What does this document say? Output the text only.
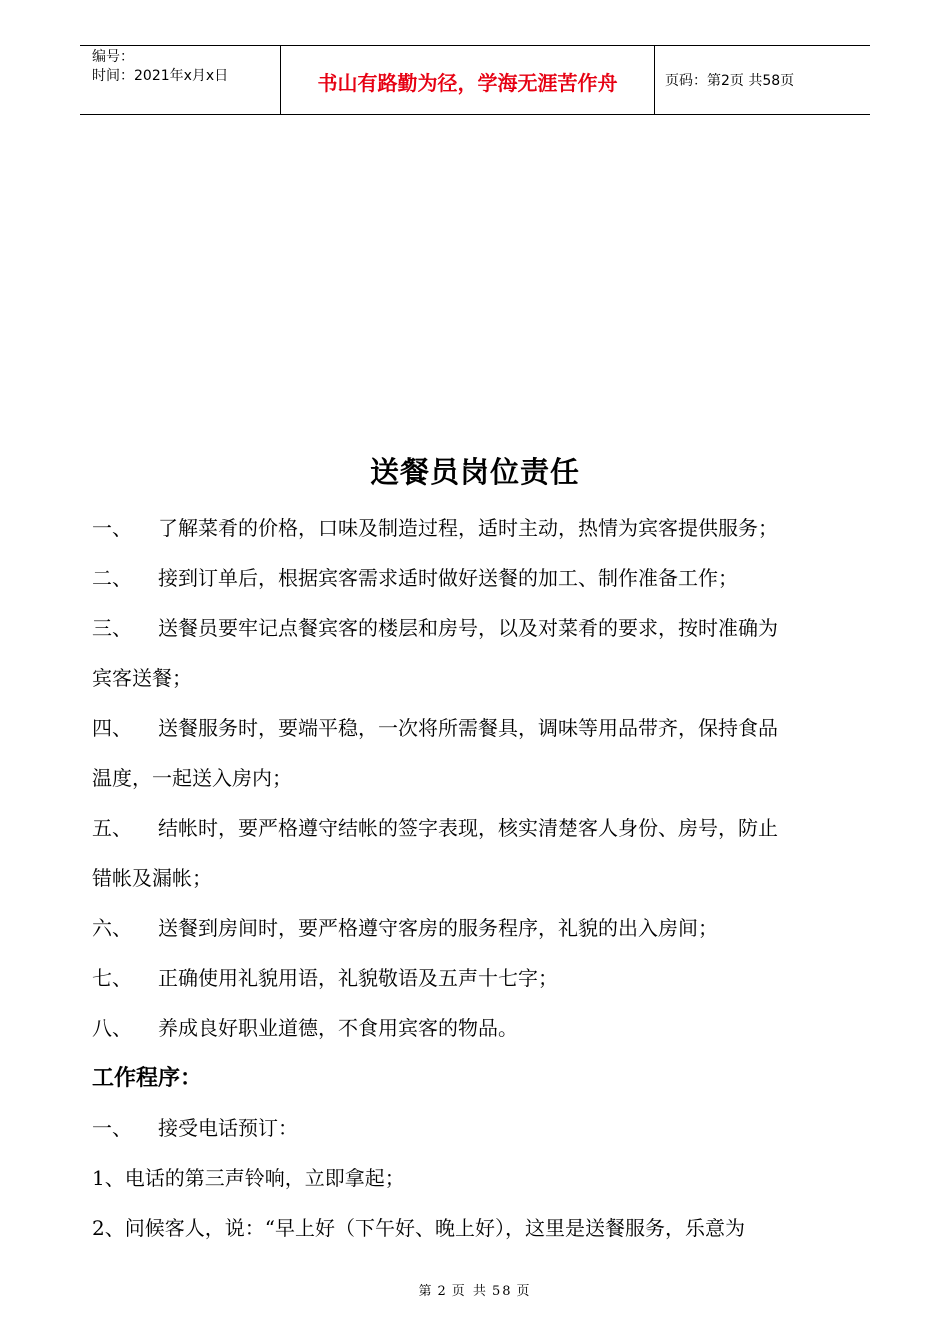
编号：
时间：2021年x月x日	书山有路勤为径，学海无涯苦作舟	页码：第2页 共58页
送餐员岗位责任
一、	了解菜肴的价格，口味及制造过程，适时主动，热情为宾客提供服务；
二、	接到订单后，根据宾客需求适时做好送餐的加工、制作准备工作；
三、	送餐员要牢记点餐宾客的楼层和房号，以及对菜肴的要求，按时准确为
宾客送餐；
四、	送餐服务时，要端平稳，一次将所需餐具，调味等用品带齐，保持食品
温度，一起送入房内；
五、	结帐时，要严格遵守结帐的签字表现，核实清楚客人身份、房号，防止
错帐及漏帐；
六、	送餐到房间时，要严格遵守客房的服务程序，礼貌的出入房间；
七、	正确使用礼貌用语，礼貌敬语及五声十七字；
八、	养成良好职业道德，不食用宾客的物品。
工作程序：
一、	接受电话预订：
1、电话的第三声铃响，立即拿起；
2、问候客人，说：“早上好（下午好、晚上好），这里是送餐服务，乐意为
第 2 页 共 58 页
